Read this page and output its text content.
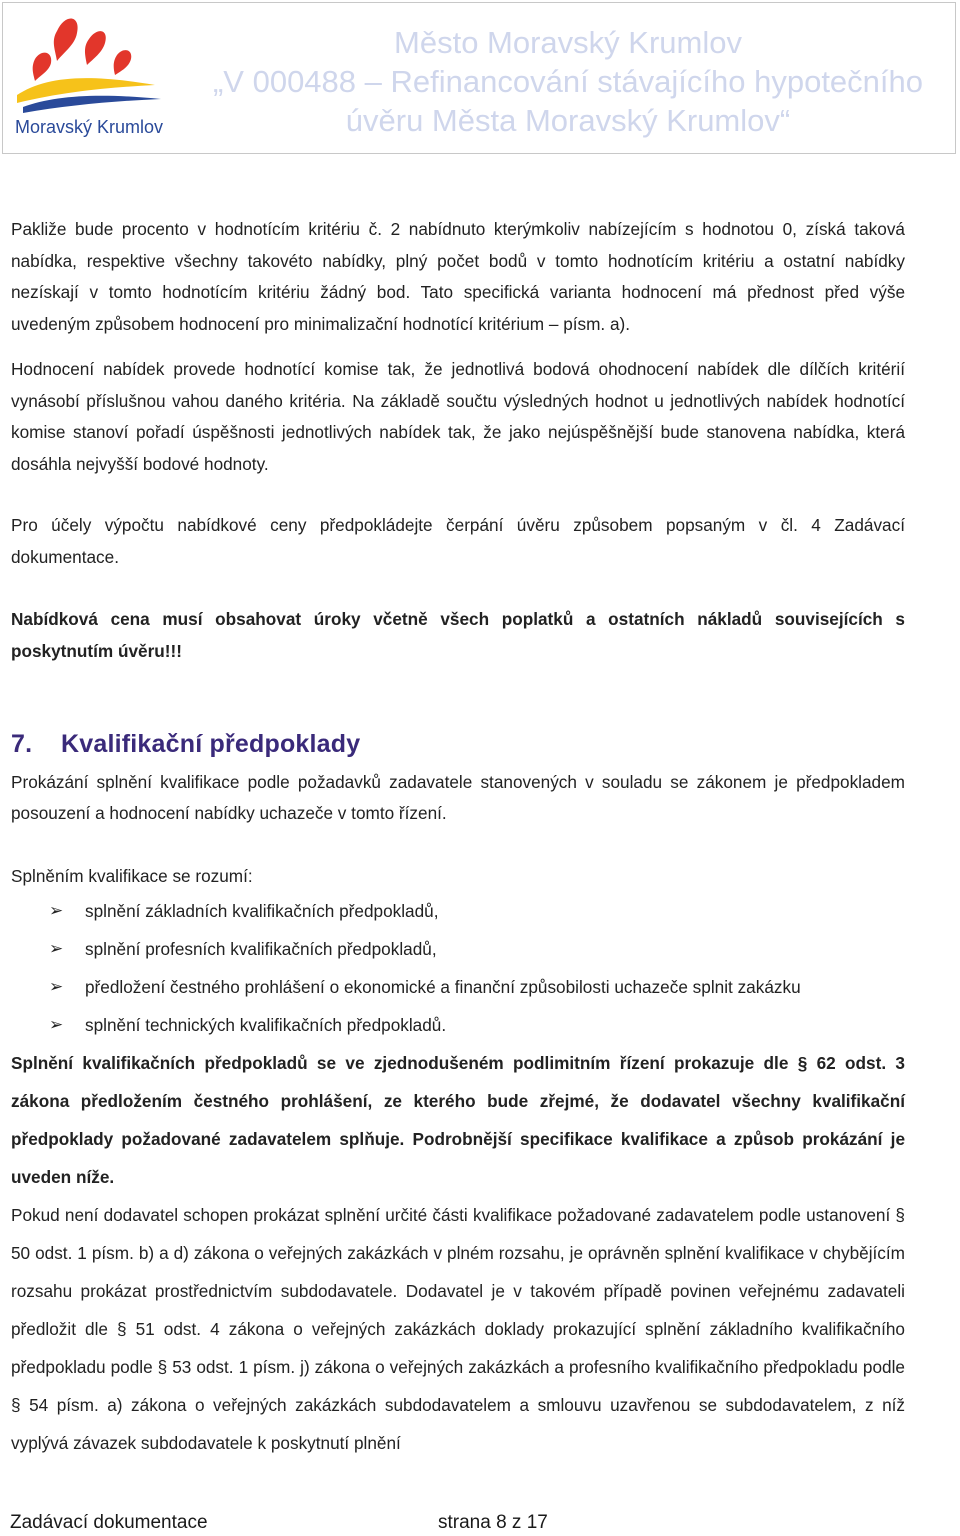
Moravský Krumlov
Město Moravský Krumlov
„V 000488 – Refinancování stávajícího hypotečního
úvěru Města Moravský Krumlov“

Pakliže bude procento v hodnotícím kritériu č. 2 nabídnuto kterýmkoliv nabízejícím s hodnotou 0, získá taková nabídka, respektive všechny takovéto nabídky, plný počet bodů v tomto hodnotícím kritériu a ostatní nabídky nezískají v tomto hodnotícím kritériu žádný bod. Tato specifická varianta hodnocení má přednost před výše uvedeným způsobem hodnocení pro minimalizační hodnotící kritérium – písm. a).

Hodnocení nabídek provede hodnotící komise tak, že jednotlivá bodová ohodnocení nabídek dle dílčích kritérií vynásobí příslušnou vahou daného kritéria. Na základě součtu výsledných hodnot u jednotlivých nabídek hodnotící komise stanoví pořadí úspěšnosti jednotlivých nabídek tak, že jako nejúspěšnější bude stanovena nabídka, která dosáhla nejvyšší bodové hodnoty.

Pro účely výpočtu nabídkové ceny předpokládejte čerpání úvěru způsobem popsaným v čl. 4 Zadávací dokumentace.

Nabídková cena musí obsahovat úroky včetně všech poplatků a ostatních nákladů souvisejících s poskytnutím úvěru!!!

7. Kvalifikační předpoklady

Prokázání splnění kvalifikace podle požadavků zadavatele stanovených v souladu se zákonem je předpokladem posouzení a hodnocení nabídky uchazeče v tomto řízení.

Splněním kvalifikace se rozumí:

➢ splnění základních kvalifikačních předpokladů,
➢ splnění profesních kvalifikačních předpokladů,
➢ předložení čestného prohlášení o ekonomické a finanční způsobilosti uchazeče splnit zakázku
➢ splnění technických kvalifikačních předpokladů.

Splnění kvalifikačních předpokladů se ve zjednodušeném podlimitním řízení prokazuje dle § 62 odst. 3 zákona předložením čestného prohlášení, ze kterého bude zřejmé, že dodavatel všechny kvalifikační předpoklady požadované zadavatelem splňuje. Podrobnější specifikace kvalifikace a způsob prokázání je uveden níže.

Pokud není dodavatel schopen prokázat splnění určité části kvalifikace požadované zadavatelem podle ustanovení § 50 odst. 1 písm. b) a d) zákona o veřejných zakázkách v plném rozsahu, je oprávněn splnění kvalifikace v chybějícím rozsahu prokázat prostřednictvím subdodavatele. Dodavatel je v takovém případě povinen veřejnému zadavateli předložit dle § 51 odst. 4 zákona o veřejných zakázkách doklady prokazující splnění základního kvalifikačního předpokladu podle § 53 odst. 1 písm. j) zákona o veřejných zakázkách a profesního kvalifikačního předpokladu podle § 54 písm. a) zákona o veřejných zakázkách subdodavatelem a smlouvu uzavřenou se subdodavatelem, z níž vyplývá závazek subdodavatele k poskytnutí plnění

Zadávací dokumentace	strana 8 z 17
